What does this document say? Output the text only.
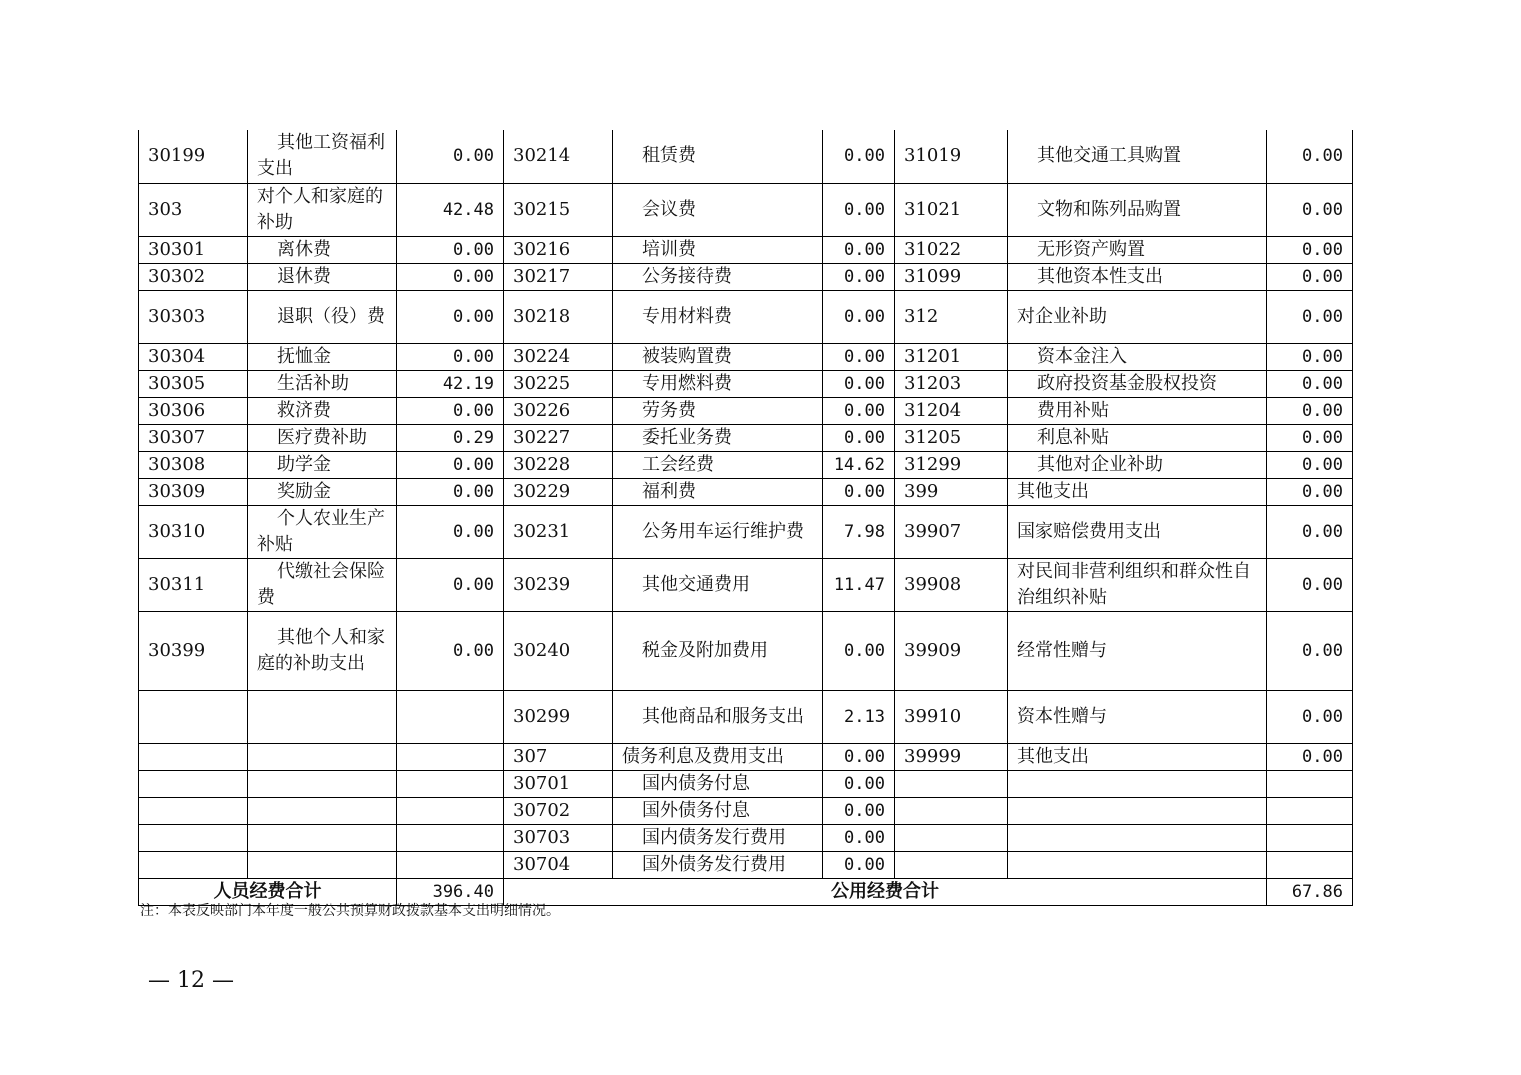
30199	其他工资福利支出	0.00	30214	租赁费	0.00	31019	其他交通工具购置	0.00
303	对个人和家庭的补助	42.48	30215	会议费	0.00	31021	文物和陈列品购置	0.00
30301	离休费	0.00	30216	培训费	0.00	31022	无形资产购置	0.00
30302	退休费	0.00	30217	公务接待费	0.00	31099	其他资本性支出	0.00
30303	退职（役）费	0.00	30218	专用材料费	0.00	312	对企业补助	0.00
30304	抚恤金	0.00	30224	被装购置费	0.00	31201	资本金注入	0.00
30305	生活补助	42.19	30225	专用燃料费	0.00	31203	政府投资基金股权投资	0.00
30306	救济费	0.00	30226	劳务费	0.00	31204	费用补贴	0.00
30307	医疗费补助	0.29	30227	委托业务费	0.00	31205	利息补贴	0.00
30308	助学金	0.00	30228	工会经费	14.62	31299	其他对企业补助	0.00
30309	奖励金	0.00	30229	福利费	0.00	399	其他支出	0.00
30310	个人农业生产补贴	0.00	30231	公务用车运行维护费	7.98	39907	国家赔偿费用支出	0.00
30311	代缴社会保险费	0.00	30239	其他交通费用	11.47	39908	对民间非营利组织和群众性自治组织补贴	0.00
30399	其他个人和家庭的补助支出	0.00	30240	税金及附加费用	0.00	39909	经常性赠与	0.00
			30299	其他商品和服务支出	2.13	39910	资本性赠与	0.00
			307	债务利息及费用支出	0.00	39999	其他支出	0.00
			30701	国内债务付息	0.00			
			30702	国外债务付息	0.00			
			30703	国内债务发行费用	0.00			
			30704	国外债务发行费用	0.00			
人员经费合计		396.40	公用经费合计					67.86
注：本表反映部门本年度一般公共预算财政拨款基本支出明细情况。
— 12 —
